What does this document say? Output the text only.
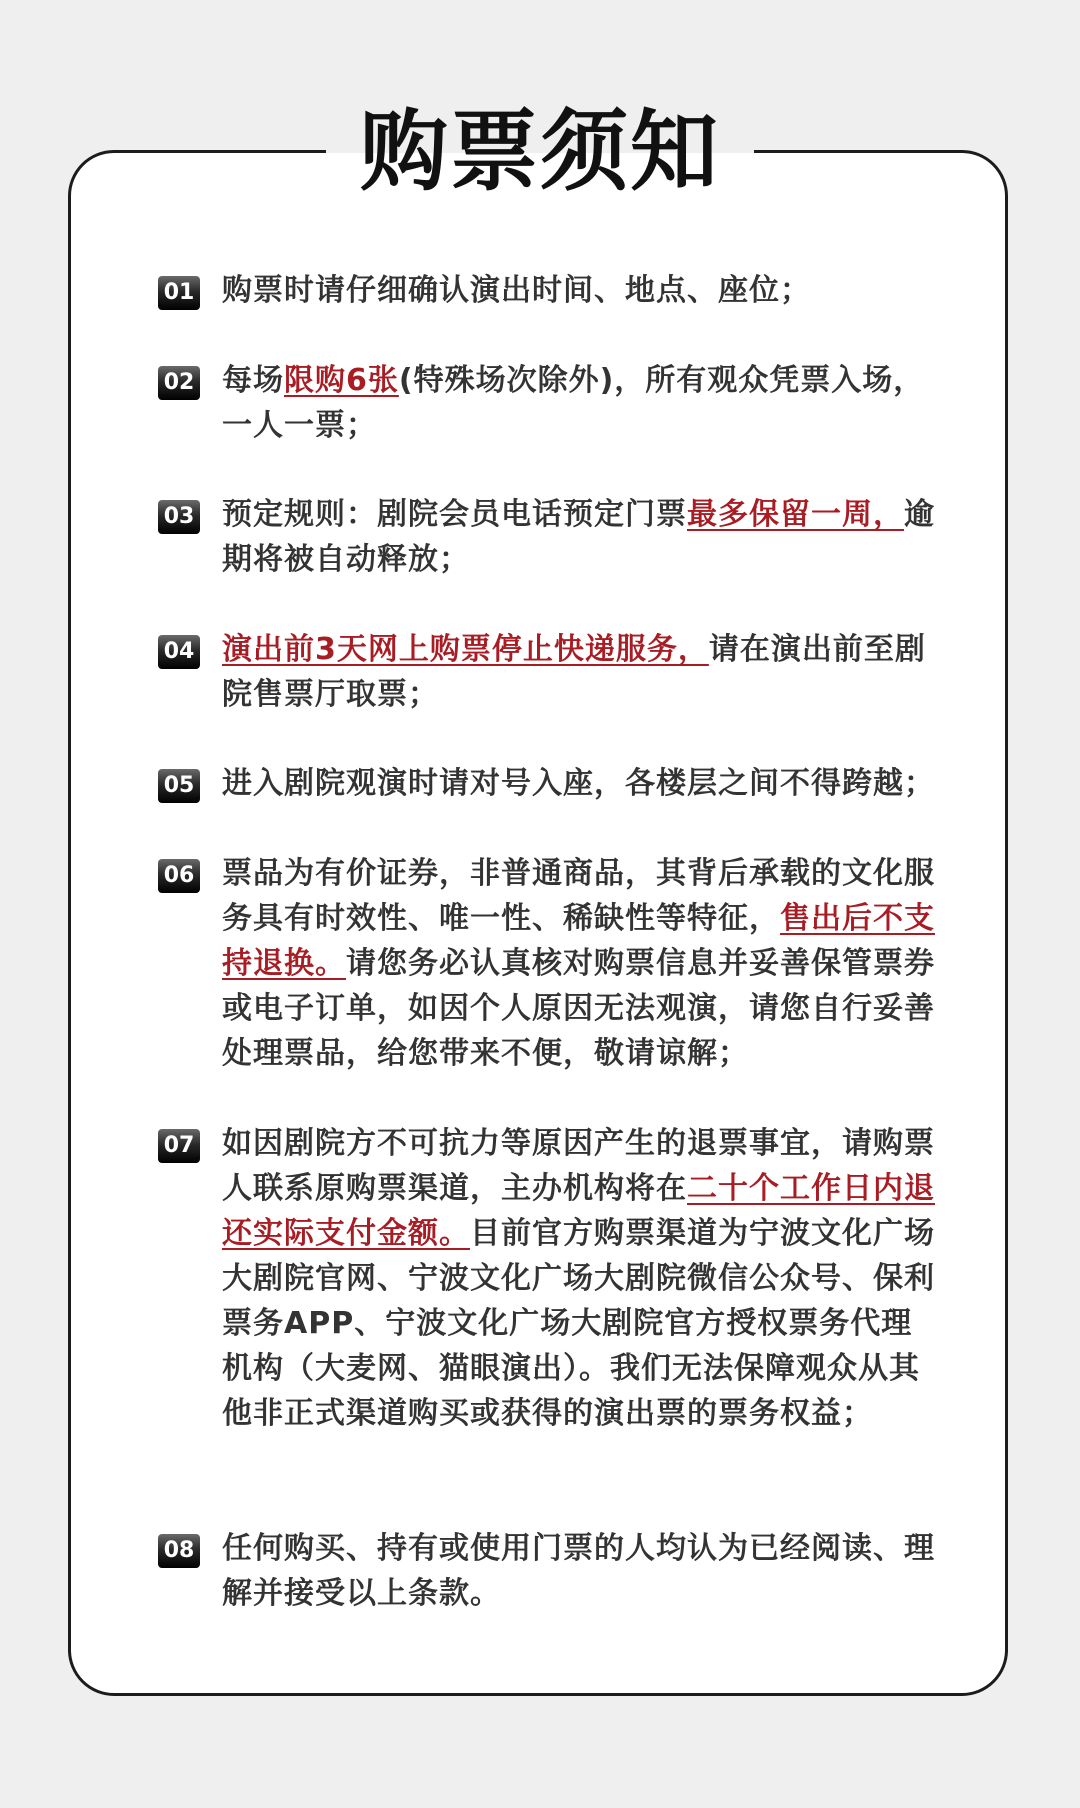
购票须知
01 购票时请仔细确认演出时间、地点、座位；
02 每场限购6张(特殊场次除外)，所有观众凭票入场，一人一票；
03 预定规则：剧院会员电话预定门票最多保留一周，逾期将被自动释放；
04 演出前3天网上购票停止快递服务，请在演出前至剧院售票厅取票；
05 进入剧院观演时请对号入座，各楼层之间不得跨越；
06 票品为有价证券，非普通商品，其背后承载的文化服务具有时效性、唯一性、稀缺性等特征，售出后不支持退换。请您务必认真核对购票信息并妥善保管票券或电子订单，如因个人原因无法观演，请您自行妥善处理票品，给您带来不便，敬请谅解；
07 如因剧院方不可抗力等原因产生的退票事宜，请购票人联系原购票渠道，主办机构将在二十个工作日内退还实际支付金额。目前官方购票渠道为宁波文化广场大剧院官网、宁波文化广场大剧院微信公众号、保利票务APP、宁波文化广场大剧院官方授权票务代理机构（大麦网、猫眼演出）。我们无法保障观众从其他非正式渠道购买或获得的演出票的票务权益；
08 任何购买、持有或使用门票的人均认为已经阅读、理解并接受以上条款。
